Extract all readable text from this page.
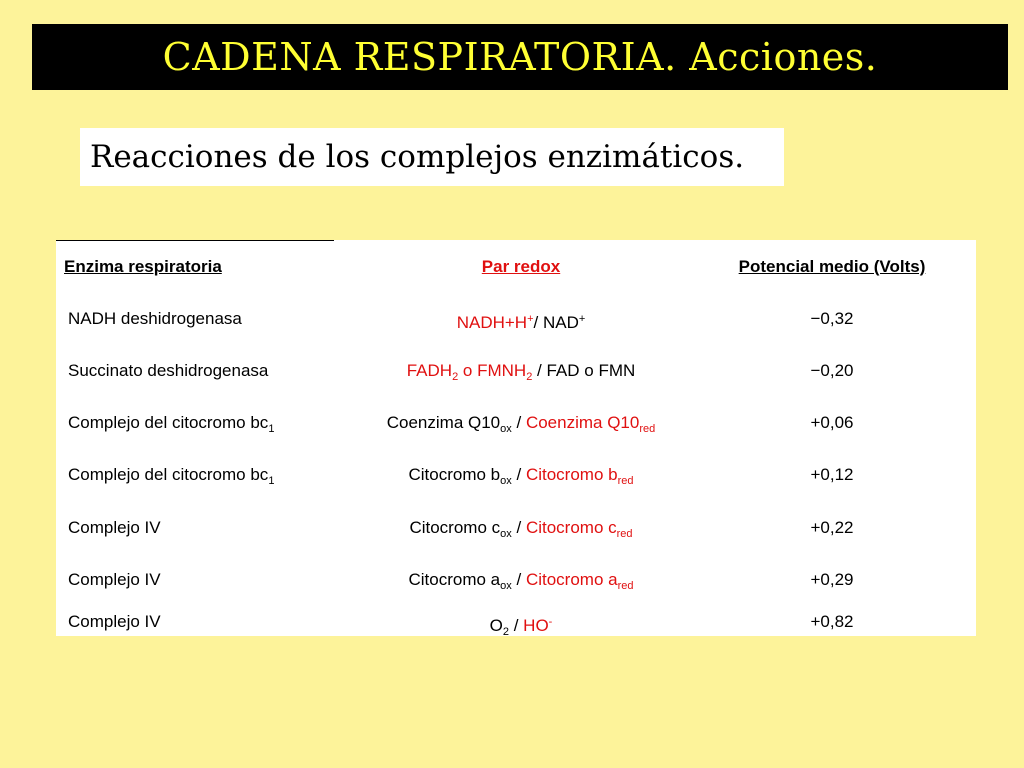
CADENA RESPIRATORIA. Acciones.
Reacciones de los complejos enzimáticos.
Enzima respiratoria	Par redox	Potencial medio (Volts)
NADH deshidrogenasa	NADH+H+/ NAD+	−0,32
Succinato deshidrogenasa	$FADH_2$ o $FMNH_2$ / FAD o FMN	−0,20
Complejo del citocromo $bc_1$	Coenzima $Q10_{ox}$ / Coenzima $Q10_{red}$	+0,06
Complejo del citocromo $bc_1$	Citocromo $b_{ox}$ / Citocromo $b_{red}$	+0,12
Complejo IV	Citocromo $c_{ox}$ / Citocromo $c_{red}$	+0,22
Complejo IV	Citocromo $a_{ox}$ / Citocromo $a_{red}$	+0,29
Complejo IV	$O_2 / HO^-$	+0,82
